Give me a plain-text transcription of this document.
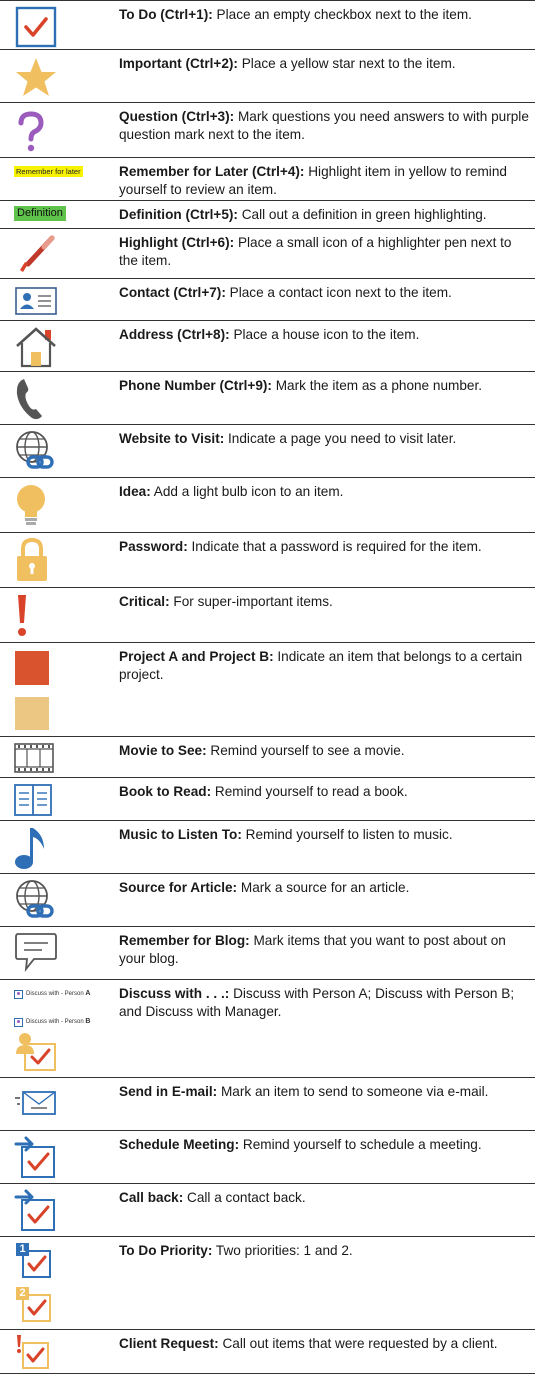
To Do (Ctrl+1): Place an empty checkbox next to the item.
Important (Ctrl+2): Place a yellow star next to the item.
Question (Ctrl+3): Mark questions you need answers to with purple question mark next to the item.
Remember for later	Remember for Later (Ctrl+4): Highlight item in yellow to remind yourself to review an item.
Definition	Definition (Ctrl+5): Call out a definition in green highlighting.
Highlight (Ctrl+6): Place a small icon of a highlighter pen next to the item.
Contact (Ctrl+7): Place a contact icon next to the item.
Address (Ctrl+8): Place a house icon to the item.
Phone Number (Ctrl+9): Mark the item as a phone number.
Website to Visit: Indicate a page you need to visit later.
Idea: Add a light bulb icon to an item.
Password: Indicate that a password is required for the item.
Critical: For super-important items.
Project A and Project B: Indicate an item that belongs to a certain project.
Movie to See: Remind yourself to see a movie.
Book to Read: Remind yourself to read a book.
Music to Listen To: Remind yourself to listen to music.
Source for Article: Mark a source for an article.
Remember for Blog: Mark items that you want to post about on your blog.
Discuss with - Person A
Discuss with - Person B
Discuss with . . .: Discuss with Person A; Discuss with Person B; and Discuss with Manager.
Send in E-mail: Mark an item to send to someone via e-mail.
Schedule Meeting: Remind yourself to schedule a meeting.
Call back: Call a contact back.
1
2
To Do Priority: Two priorities: 1 and 2.
Client Request: Call out items that were requested by a client.
